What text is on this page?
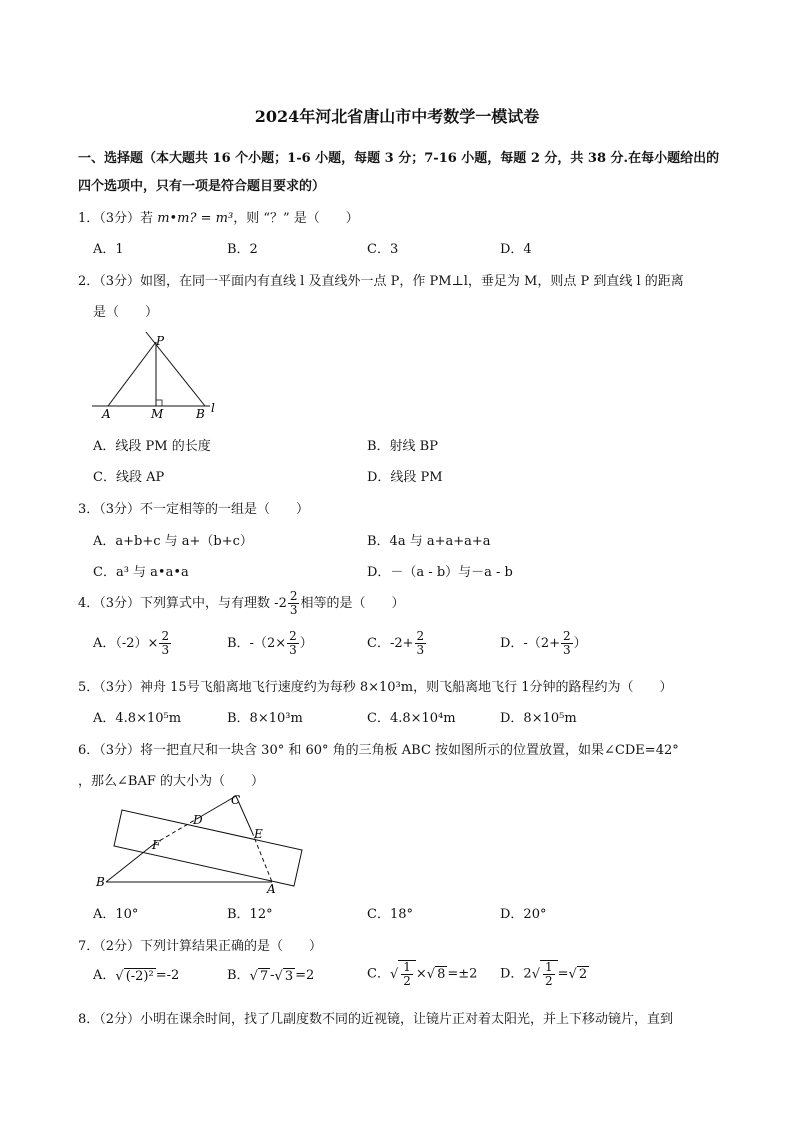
2024年河北省唐山市中考数学一模试卷
一、选择题（本大题共 16 个小题；1-6 小题，每题 3 分；7-16 小题，每题 2 分，共 38 分.在每小题给出的
四个选项中，只有一项是符合题目要求的）
1．（3分）若 m•m? = m³，则 “？” 是（　　）
A．1	B．2	C．3	D．4
2．（3分）如图，在同一平面内有直线 l 及直线外一点 P，作 PM⊥l，垂足为 M，则点 P 到直线 l 的距离
是（　　）
P
A	M	B l
A．线段 PM 的长度	B．射线 BP
C．线段 AP	D．线段 PM
3．（3分）不一定相等的一组是（　　）
A．a+b+c 与 a+（b+c）	B．4a 与 a+a+a+a
C．a³ 与 a•a•a	D．－（a - b）与－a - b
4．（3分）下列算式中，与有理数 $-2 \frac{2}{3}$ 相等的是（　　）
A．$(-2)\times \frac{2}{3}$	B．$-(2\times \frac{2}{3}$ ）	C．$-2+ \frac{2}{3}$	D．$-(2+ \frac{2}{3}$ ）
5．（3分）神舟 15号飞船离地飞行速度约为每秒 8×10³m，则飞船离地飞行 1分钟的路程约为（　　）
A．4.8×10⁵m	B．8×10³m	C．4.8×10⁴m	D．8×10⁵m
6．（3分）将一把直尺和一块含 30° 和 60° 角的三角板 ABC 按如图所示的位置放置，如果∠CDE=42°
，那么∠BAF 的大小为（　　）
C
D
E
F
B	A
A．10°	B．12°	C．18°	D．20°
7．（2分）下列计算结果正确的是（　　）
A．√ (-2)² =-2	B．√ 7 -√ 3 =2	C．√ $\frac{1}{2}$ ×√ 8 =±2 D．$2√ \frac{1}{2}$ =√ 2
8．（2分）小明在课余时间，找了几副度数不同的近视镜，让镜片正对着太阳光，并上下移动镜片，直到
